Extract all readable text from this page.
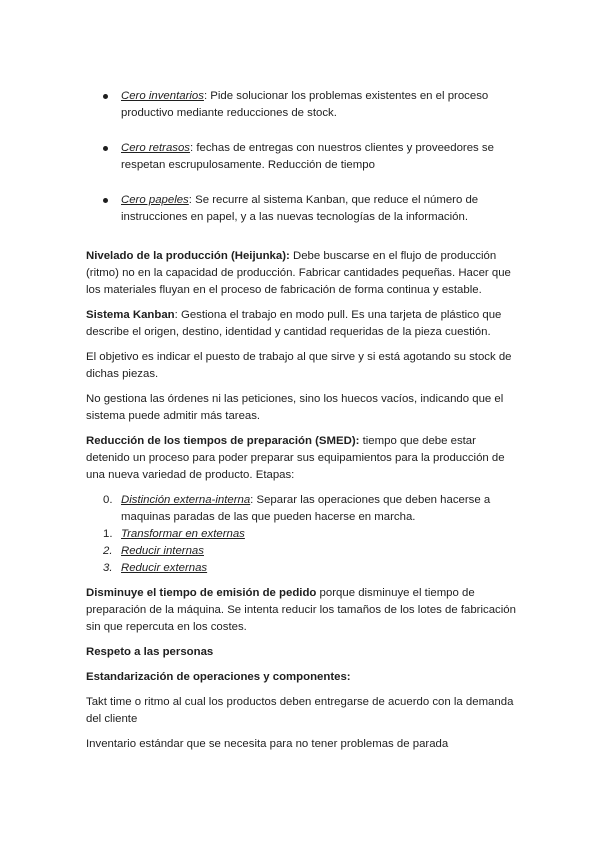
Cero inventarios: Pide solucionar los problemas existentes en el proceso productivo mediante reducciones de stock.
Cero retrasos: fechas de entregas con nuestros clientes y proveedores se respetan escrupulosamente. Reducción de tiempo
Cero papeles: Se recurre al sistema Kanban, que reduce el número de instrucciones en papel, y a las nuevas tecnologías de la información.

Nivelado de la producción (Heijunka): Debe buscarse en el flujo de producción (ritmo) no en la capacidad de producción. Fabricar cantidades pequeñas. Hacer que los materiales fluyan en el proceso de fabricación de forma continua y estable.

Sistema Kanban: Gestiona el trabajo en modo pull. Es una tarjeta de plástico que describe el origen, destino, identidad y cantidad requeridas de la pieza cuestión.

El objetivo es indicar el puesto de trabajo al que sirve y si está agotando su stock de dichas piezas.

No gestiona las órdenes ni las peticiones, sino los huecos vacíos, indicando que el sistema puede admitir más tareas.

Reducción de los tiempos de preparación (SMED): tiempo que debe estar detenido un proceso para poder preparar sus equipamientos para la producción de una nueva variedad de producto. Etapas:

0. Distinción externa-interna: Separar las operaciones que deben hacerse a maquinas paradas de las que pueden hacerse en marcha.
1. Transformar en externas
2. Reducir internas
3. Reducir externas

Disminuye el tiempo de emisión de pedido porque disminuye el tiempo de preparación de la máquina. Se intenta reducir los tamaños de los lotes de fabricación sin que repercuta en los costes.

Respeto a las personas

Estandarización de operaciones y componentes:

Takt time o ritmo al cual los productos deben entregarse de acuerdo con la demanda del cliente

Inventario estándar que se necesita para no tener problemas de parada
